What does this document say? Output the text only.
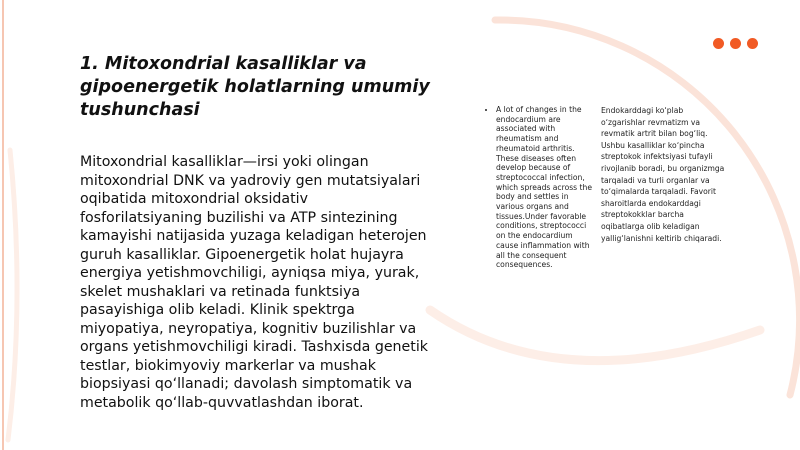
1. Mitoxondrial kasalliklar va gipoenergetik holatlarning umumiy tushunchasi
Mitoxondrial kasalliklar—irsi yoki olingan mitoxondrial DNK va yadroviy gen mutatsiyalari oqibatida mitoxondrial oksidativ fosforilatsiyaning buzilishi va ATP sintezining kamayishi natijasida yuzaga keladigan heterojen guruh kasalliklar. Gipoenergetik holat hujayra energiya yetishmovchiligi, ayniqsa miya, yurak, skelet mushaklari va retinada funktsiya pasayishiga olib keladi. Klinik spektrga miyopatiya, neyropatiya, kognitiv buzilishlar va organs yetishmovchiligi kiradi. Tashxisda genetik testlar, biokimyoviy markerlar va mushak biopsiyasi qo‘llanadi; davolash simptomatik va metabolik qo‘llab-quvvatlashdan iborat.
• A lot of changes in the endocardium are associated with rheumatism and rheumatoid arthritis. These diseases often develop because of streptococcal infection, which spreads across the body and settles in various organs and tissues.Under favorable conditions, streptococci on the endocardium cause inflammation with all the consequent consequences.
Endokarddagi ko‘plab o‘zgarishlar revmatizm va revmatik artrit bilan bog‘liq. Ushbu kasalliklar ko‘pincha streptokok infektsiyasi tufayli rivojlanib boradi, bu organizmga tarqaladi va turli organlar va to‘qimalarda tarqaladi. Favorit sharoitlarda endokarddagi streptokokklar barcha oqibatlarga olib keladigan yallig‘lanishni keltirib chiqaradi.
